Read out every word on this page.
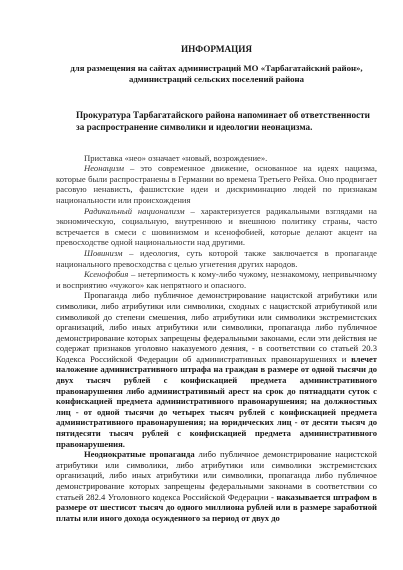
ИНФОРМАЦИЯ
для размещения на сайтах администраций МО «Тарбагатайский район», администраций сельских поселений района
Прокуратура Тарбагатайского района напоминает об ответственности за распространение символики и идеологии неонацизма.

Приставка «нео» означает «новый, возрождение».

Неонацизм – это современное движение, основанное на идеях нацизма, которые были распространены в Германии во времена Третьего Рейха. Оно продвигает расовую ненависть, фашистские идеи и дискриминацию людей по признакам национальности или происхождения

Радикальный национализм – характеризуется радикальными взглядами на экономическую, социальную, внутреннюю и внешнюю политику страны, часто встречается в смеси с шовинизмом и ксенофобией, которые делают акцент на превосходстве одной национальности над другими.

Шовинизм – идеология, суть которой также заключается в пропаганде национального превосходства с целью угнетения других народов.

Ксенофобия – нетерпимость к кому-либо чужому, незнакомому, непривычному и восприятию «чужого» как непрятного и опасного.

Пропаганда либо публичное демонстрирование нацистской атрибутики или символики, либо атрибутики или символики, сходных с нацистской атрибутикой или символикой до степени смешения, либо атрибутики или символики экстремистских организаций, либо иных атрибутики или символики, пропаганда либо публичное демонстрирование которых запрещены федеральными законами, если эти действия не содержат признаков уголовно наказуемого деяния, - в соответствии со статьей 20.3 Кодекса Российской Федерации об административных правонарушениях и влечет наложение административного штрафа на граждан в размере от одной тысячи до двух тысяч рублей с конфискацией предмета административного правонарушения либо административный арест на срок до пятнадцати суток с конфискацией предмета административного правонарушения; на должностных лиц - от одной тысячи до четырех тысяч рублей с конфискацией предмета административного правонарушения; на юридических лиц - от десяти тысяч до пятидесяти тысяч рублей с конфискацией предмета административного правонарушения.

Неоднократные пропаганда либо публичное демонстрирование нацистской атрибутики или символики, либо атрибутики или символики экстремистских организаций, либо иных атрибутики или символики, пропаганда либо публичное демонстрирование которых запрещены федеральными законами в соответствии со статьей 282.4 Уголовного кодекса Российской Федерации - наказывается штрафом в размере от шестисот тысяч до одного миллиона рублей или в размере заработной платы или иного дохода осужденного за период от двух до
